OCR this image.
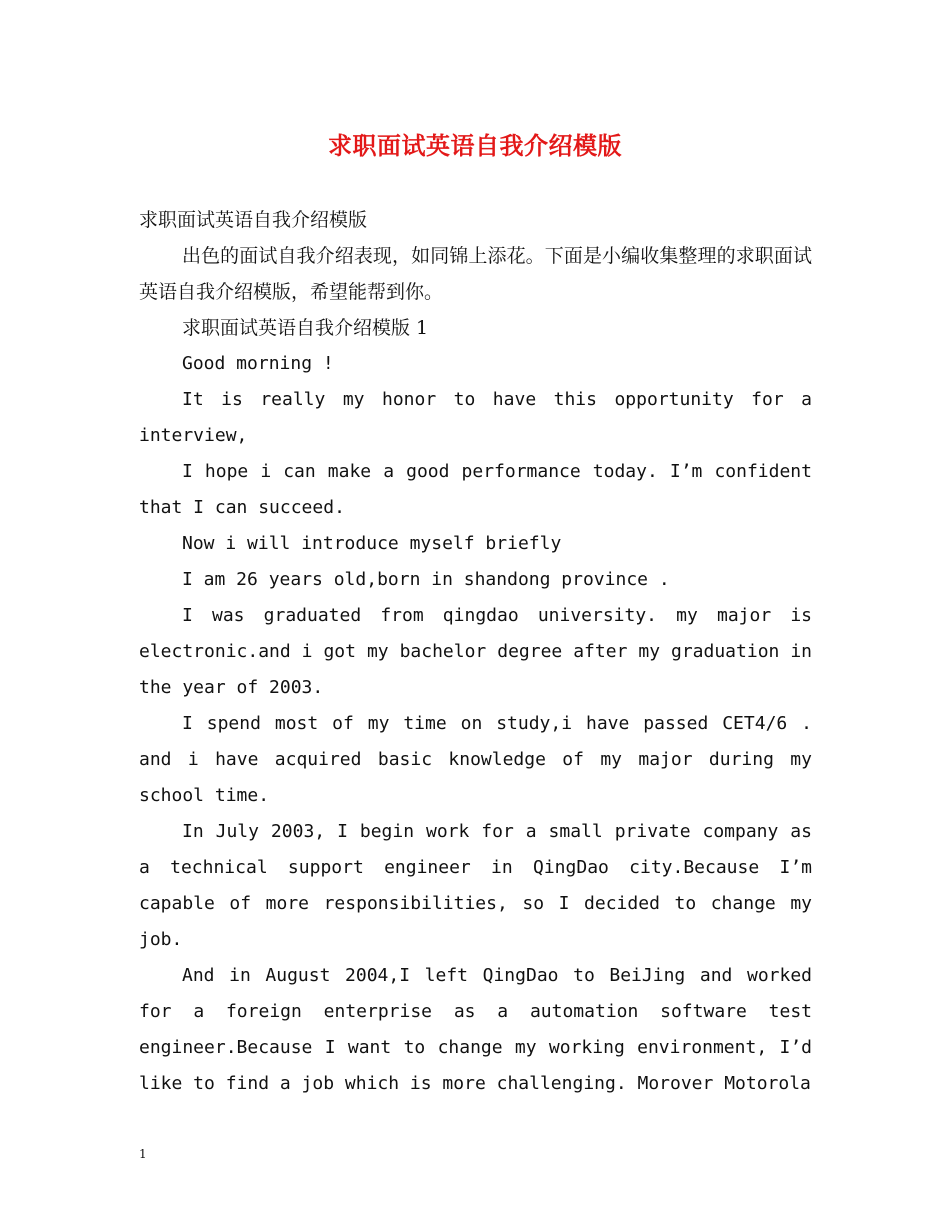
求职面试英语自我介绍模版

求职面试英语自我介绍模版

出色的面试自我介绍表现，如同锦上添花。下面是小编收集整理的求职面试英语自我介绍模版，希望能帮到你。

求职面试英语自我介绍模版 1

Good morning !

It is really my honor to have this opportunity for a interview,

I hope i can make a good performance today. I’m confident that I can succeed.

Now i will introduce myself briefly

I am 26 years old,born in shandong province .

I was graduated from qingdao university. my major is electronic.and i got my bachelor degree after my graduation in the year of 2003.

I spend most of my time on study,i have passed CET4/6 . and i have acquired basic knowledge of my major during my school time.

In July 2003, I begin work for a small private company as a technical support engineer in QingDao city.Because I’m capable of more responsibilities, so I decided to change my job.

And in August 2004,I left QingDao to BeiJing and worked for a foreign enterprise as a automation software test engineer.Because I want to change my working environment, I’d like to find a job which is more challenging. Morover Motorola

1
